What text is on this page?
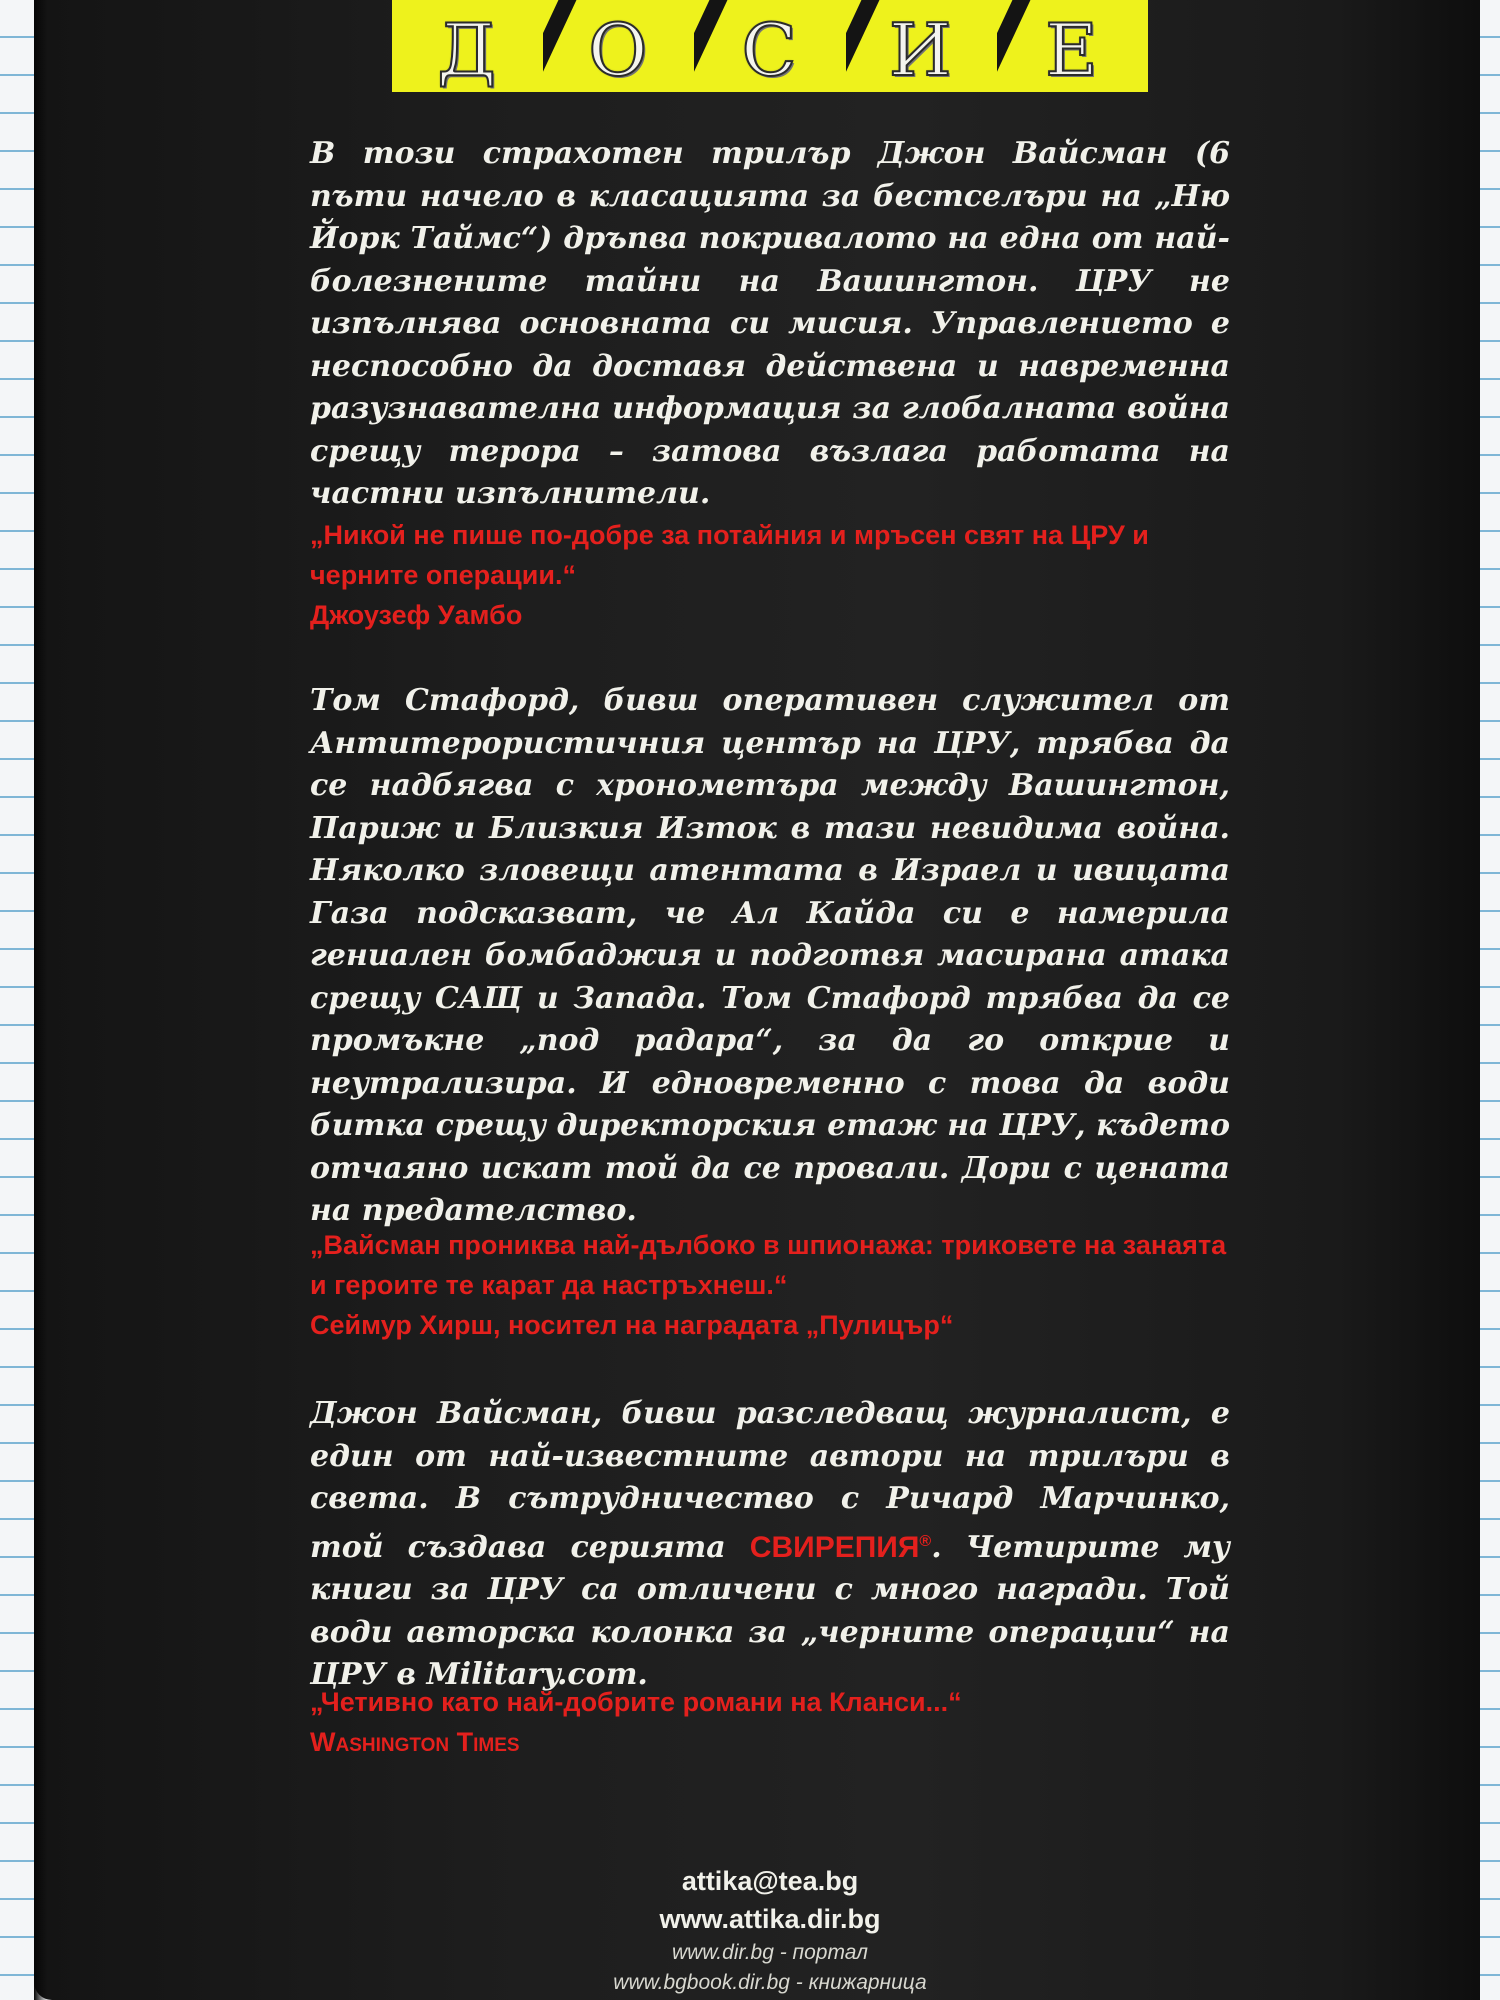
Д	О	С	И	Е
В този страхотен трилър Джон Вайсман (6 пъти начело в класацията за бестселъри на „Ню Йорк Таймс“) дръпва покривалото на една от най-болезнените тайни на Вашингтон. ЦРУ не изпълнява основната си мисия. Управлението е неспособно да доставя действена и навременна разузнавателна информация за глобалната война срещу терора – затова възлага работата на частни изпълнители.
„Никой не пише по-добре за потайния и мръсен свят на ЦРУ и черните операции.“
Джоузеф Уамбо
Том Стафорд, бивш оперативен служител от Антитерористичния център на ЦРУ, трябва да се надбягва с хронометъра между Вашингтон, Париж и Близкия Изток в тази невидима война. Няколко зловещи атентата в Израел и ивицата Газа подсказват, че Ал Кайда си е намерила гениален бомбаджия и подготвя масирана атака срещу САЩ и Запада. Том Стафорд трябва да се промъкне „под радара“, за да го открие и неутрализира. И едновременно с това да води битка срещу директорския етаж на ЦРУ, където отчаяно искат той да се провали. Дори с цената на предателство.
„Вайсман прониква най-дълбоко в шпионажа: триковете на занаята и героите те карат да настръхнеш.“
Сеймур Хирш, носител на наградата „Пулицър“
Джон Вайсман, бивш разследващ журналист, е един от най-известните автори на трилъри в света. В сътрудничество с Ричард Марчинко, той създава серията СВИРЕПИЯ®. Четирите му книги за ЦРУ са отличени с много награди. Той води авторска колонка за „черните операции“ на ЦРУ в Military.com.
„Четивно като най-добрите романи на Кланси...“
Washington Times
attika@tea.bg
www.attika.dir.bg
www.dir.bg - портал
www.bgbook.dir.bg - книжарница
